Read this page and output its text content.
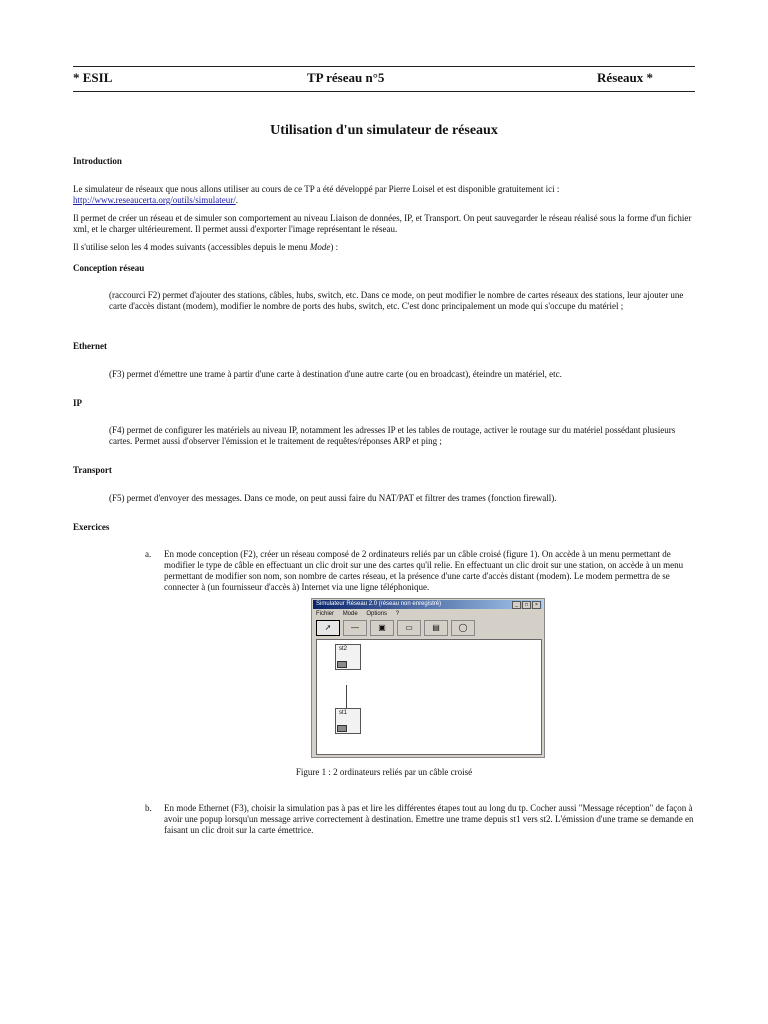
* ESIL	TP réseau n°5	Réseaux *
Utilisation d'un simulateur de réseaux

Introduction

Le simulateur de réseaux que nous allons utiliser au cours de ce TP a été développé par Pierre Loisel et est disponible gratuitement ici :
http://www.reseaucerta.org/outils/simulateur/.

Il permet de créer un réseau et de simuler son comportement au niveau Liaison de données, IP, et Transport. On peut sauvegarder le réseau réalisé sous la forme d'un fichier xml, et le charger ultérieurement. Il permet aussi d'exporter l'image représentant le réseau.

Il s'utilise selon les 4 modes suivants (accessibles depuis le menu Mode) :

Conception réseau

(raccourci F2) permet d'ajouter des stations, câbles, hubs, switch, etc. Dans ce mode, on peut modifier le nombre de cartes réseaux des stations, leur ajouter une carte d'accès distant (modem), modifier le nombre de ports des hubs, switch, etc. C'est donc principalement un mode qui s'occupe du matériel ;

Ethernet

(F3) permet d'émettre une trame à partir d'une carte à destination d'une autre carte (ou en broadcast), éteindre un matériel, etc.

IP

(F4) permet de configurer les matériels au niveau IP, notamment les adresses IP et les tables de routage, activer le routage sur du matériel possédant plusieurs cartes. Permet aussi d'observer l'émission et le traitement de requêtes/réponses ARP et ping ;

Transport

(F5) permet d'envoyer des messages. Dans ce mode, on peut aussi faire du NAT/PAT et filtrer des trames (fonction firewall).

Exercices

a. En mode conception (F2), créer un réseau composé de 2 ordinateurs reliés par un câble croisé (figure 1). On accède à un menu permettant de modifier le type de câble en effectuant un clic droit sur une des cartes qu'il relie. En effectuant un clic droit sur une station, on accède à un menu permettant de modifier son nom, son nombre de cartes réseau, et la présence d'une carte d'accès distant (modem). Le modem permettra de se connecter à (un fournisseur d'accès à) Internet via une ligne téléphonique.
Simulateur Réseau 2.0 (réseau non enregistré)	_ □ ×
Fichier Mode Options ?
➚ — ▣ ▭ ▤ ◯
st2
st1

Figure 1 : 2 ordinateurs reliés par un câble croisé

b. En mode Ethernet (F3), choisir la simulation pas à pas et lire les différentes étapes tout au long du tp. Cocher aussi "Message réception" de façon à avoir une popup lorsqu'un message arrive correctement à destination. Emettre une trame depuis st1 vers st2. L'émission d'une trame se demande en faisant un clic droit sur la carte émettrice.
